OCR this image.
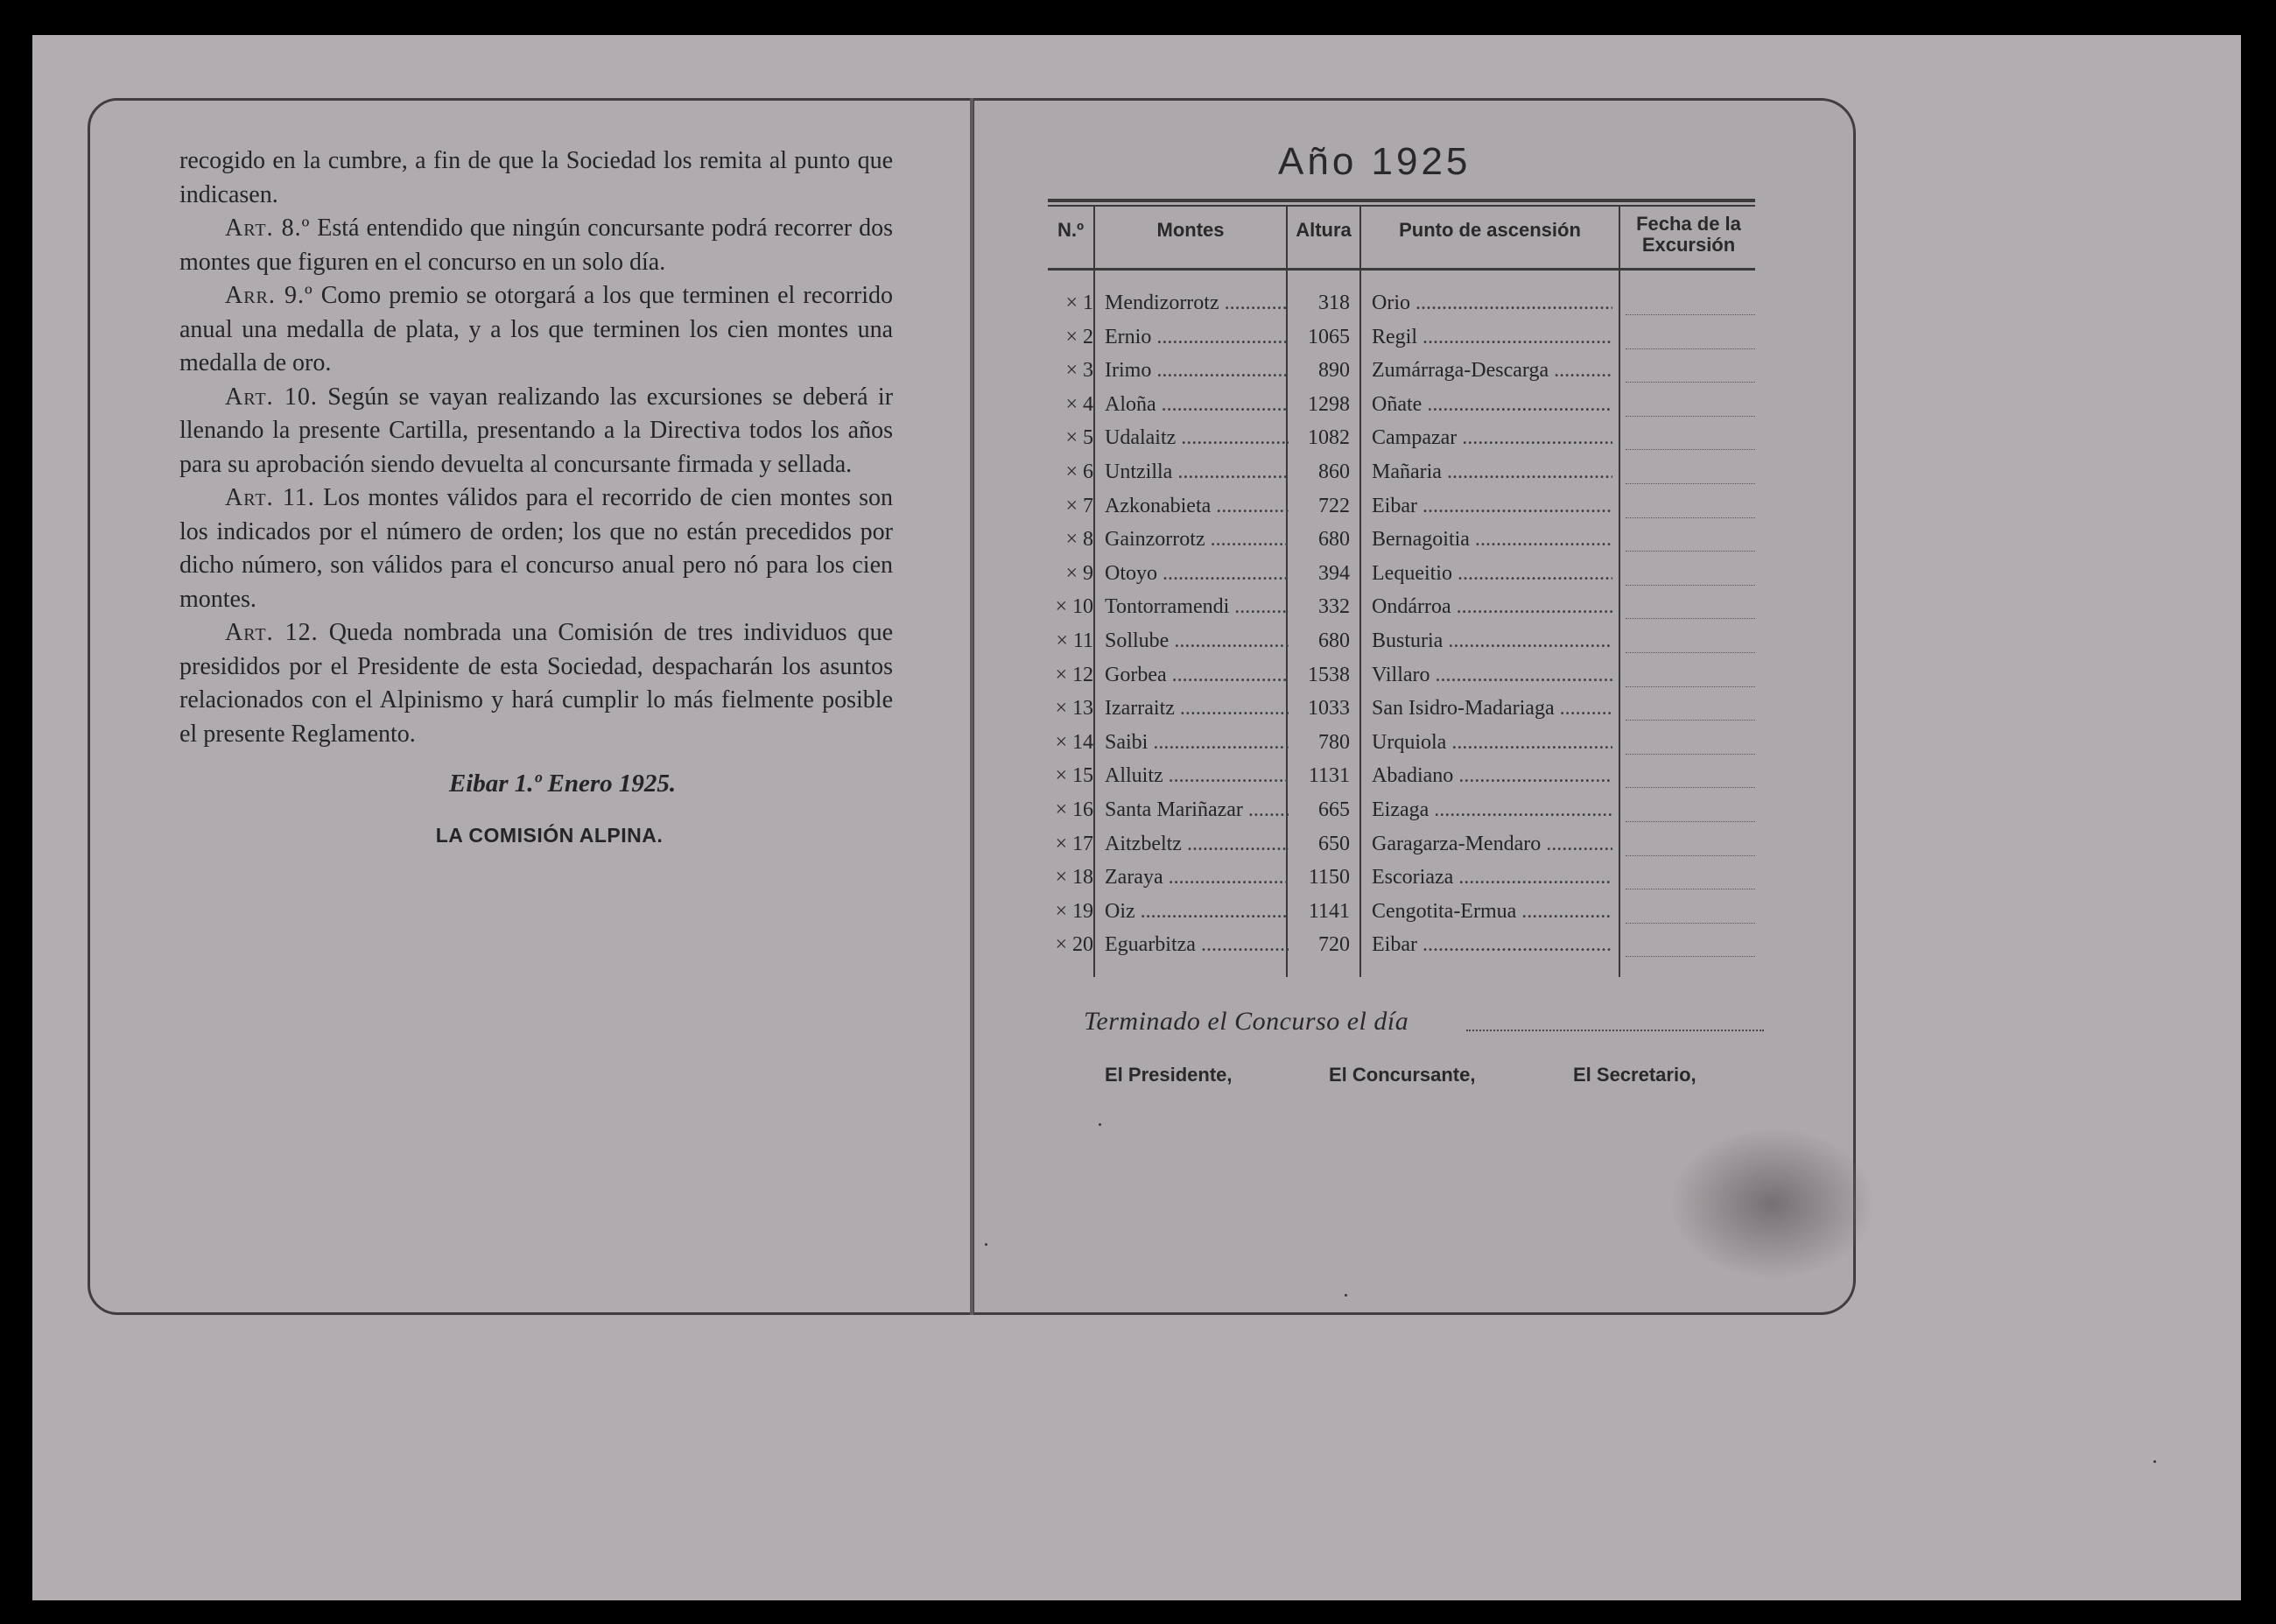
recogido en la cumbre, a fin de que la Sociedad los remita al punto que indicasen.

Art. 8.º Está entendido que ningún concursante podrá recorrer dos montes que figuren en el concurso en un solo día.

Arr. 9.º Como premio se otorgará a los que terminen el recorrido anual una medalla de plata, y a los que terminen los cien montes una medalla de oro.

Art. 10. Según se vayan realizando las excursiones se deberá ir llenando la presente Cartilla, presentando a la Directiva todos los años para su aprobación siendo devuelta al concursante firmada y sellada.

Art. 11. Los montes válidos para el recorrido de cien montes son los indicados por el número de orden; los que no están precedidos por dicho número, son válidos para el concurso anual pero nó para los cien montes.

Art. 12. Queda nombrada una Comisión de tres individuos que presididos por el Presidente de esta Sociedad, despacharán los asuntos relacionados con el Alpinismo y hará cumplir lo más fielmente posible el presente Reglamento.

Eibar 1.º Enero 1925.
LA COMISIÓN ALPINA.
Año 1925
N.º	Montes	Altura	Punto de ascensión	Fecha de la
Excursión
× 1 Mendizorrotz .....	318 Orio .....
× 2 Ernio .....	1065 Regil .....
× 3 Irimo .....	890 Zumárraga-Descarga .....
× 4 Aloña .....	1298 Oñate .....
× 5 Udalaitz .....	1082 Campazar .....
× 6 Untzilla .....	860 Mañaria .....
× 7 Azkonabieta .....	722 Eibar .....
× 8 Gainzorrotz .....	680 Bernagoitia .....
× 9 Otoyo .....	394 Lequeitio .....
× 10 Tontorramendi .....	332 Ondárroa .....
× 11 Sollube .....	680 Busturia .....
× 12 Gorbea .....	1538 Villaro .....
× 13 Izarraitz .....	1033 San Isidro-Madariaga .....
× 14 Saibi .....	780 Urquiola .....
× 15 Alluitz .....	1131 Abadiano .....
× 16 Santa Mariñazar .....	665 Eizaga .....
× 17 Aitzbeltz .....	650 Garagarza-Mendaro .....
× 18 Zaraya .....	1150 Escoriaza .....
× 19 Oiz .....	1141 Cengotita-Ermua .....
× 20 Eguarbitza .....	720 Eibar .....
Terminado el Concurso el día
El Presidente,	El Concursante,	El Secretario,
